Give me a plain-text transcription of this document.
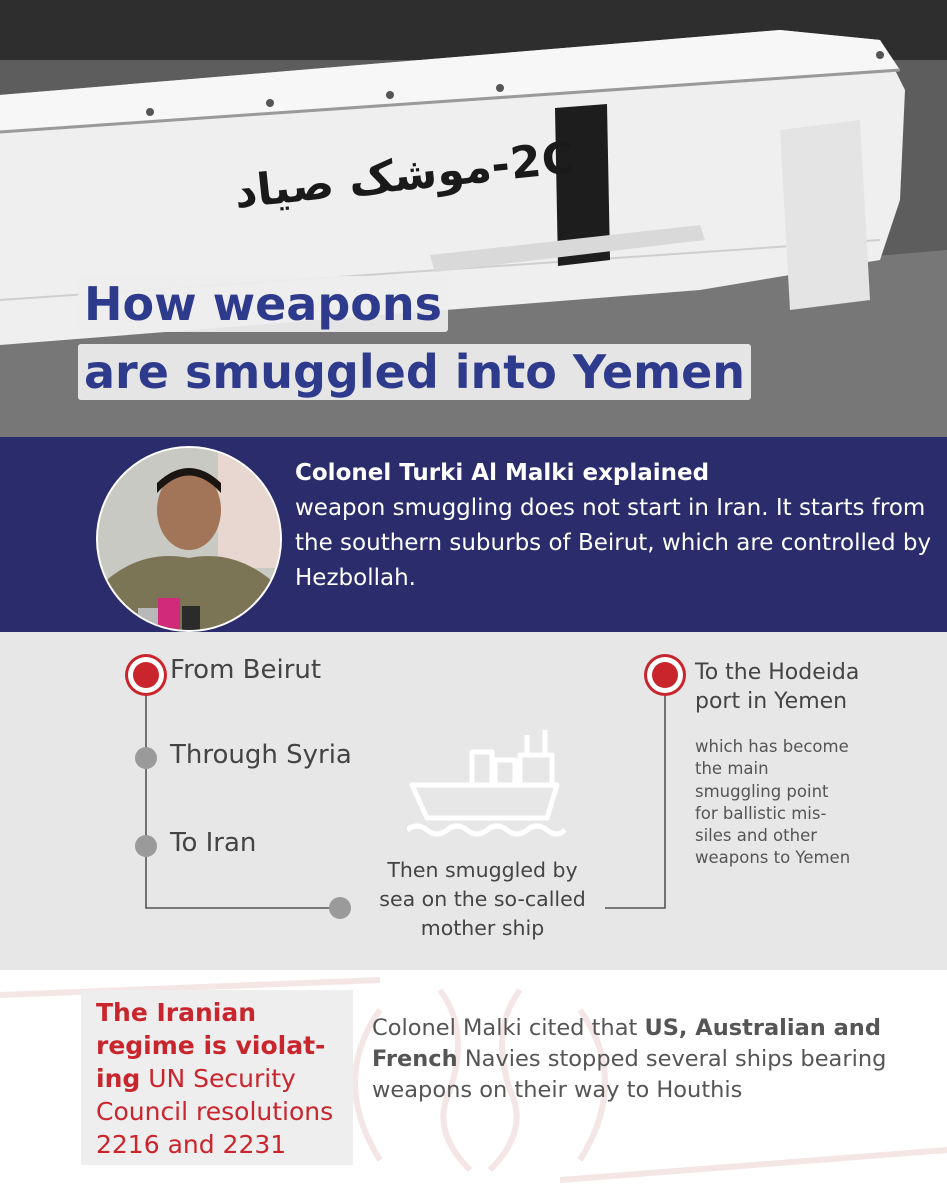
2C-موشک صیاد
How weapons
are smuggled into Yemen
Colonel Turki Al Malki explained
weapon smuggling does not start in Iran. It starts from the southern suburbs of Beirut, which are controlled by Hezbollah.
From Beirut
Through Syria
To Iran
Then smuggled by sea on the so-called mother ship
To the Hodeida port in Yemen
which has become the main smuggling point for ballistic mis-siles and other weapons to Yemen
The Iranian regime is violat-ing UN Security Council resolutions 2216 and 2231
Colonel Malki cited that US, Australian and French Navies stopped several ships bearing weapons on their way to Houthis
